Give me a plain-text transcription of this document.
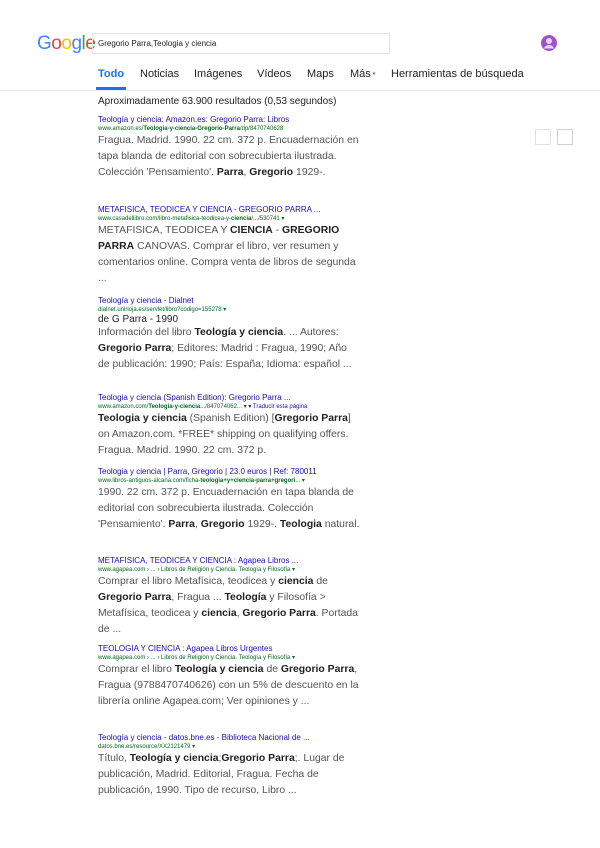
Google Gregorio Parra,Teologia y ciencia
Todo Noticias Imágenes Vídeos Maps Más ▾ Herramientas de búsqueda
Aproximadamente 63.900 resultados (0,53 segundos)
Teología y ciencia: Amazon.es: Gregorio Parra: Libros
www.amazon.es/Teologia-y-ciencia-Gregorio-Parra/dp/8470740628
Fragua. Madrid. 1990. 22 cm. 372 p. Encuadernación en tapa blanda de editorial con sobrecubierta ilustrada. Colección 'Pensamiento'. Parra, Gregorio 1929-.
METAFISICA, TEODICEA Y CIENCIA - GREGORIO PARRA ...
www.casadellibro.com/libro-metafisica-teodicea-y-ciencia/.../530741 ▾
METAFISICA, TEODICEA Y CIENCIA - GREGORIO PARRA CANOVAS. Comprar el libro, ver resumen y comentarios online. Compra venta de libros de segunda ...
Teología y ciencia - Dialnet
dialnet.unirioja.es/servlet/libro?codigo=155278 ▾
de G Parra - 1990
Información del libro Teología y ciencia. ... Autores: Gregorio Parra; Editores: Madrid : Fragua, 1990; Año de publicación: 1990; País: España; Idioma: español ...
Teologia y ciencia (Spanish Edition): Gregorio Parra ...
www.amazon.com/Teologia-y-ciencia.../847074062... ▾ ▾ Traducir esta página
Teologia y ciencia (Spanish Edition) [Gregorio Parra] on Amazon.com. *FREE* shipping on qualifying offers. Fragua. Madrid. 1990. 22 cm. 372 p.
Teologia y ciencia | Parra, Gregorio | 23.0 euros | Ref: 780011
www.libros-antiguos-alcana.com/ficha-teologia+y+ciencia-parra+gregori... ▾
1990. 22 cm. 372 p. Encuadernación en tapa blanda de editorial con sobrecubierta ilustrada. Colección 'Pensamiento'. Parra, Gregorio 1929-. Teologia natural.
METAFISICA, TEODICEA Y CIENCIA : Agapea Libros ...
www.agapea.com › ... › Libros de Religión y Ciencia. Teología y Filosofía ▾
Comprar el libro Metafísica, teodicea y ciencia de Gregorio Parra, Fragua ... Teología y Filosofía > Metafísica, teodicea y ciencia, Gregorio Parra. Portada de ...
TEOLOGIA Y CIENCIA : Agapea Libros Urgentes
www.agapea.com › ... › Libros de Religión y Ciencia. Teología y Filosofía ▾
Comprar el libro Teología y ciencia de Gregorio Parra, Fragua (9788470740626) con un 5% de descuento en la librería online Agapea.com; Ver opiniones y ...
Teología y ciencia - datos.bne.es - Biblioteca Nacional de ...
datos.bne.es/resource/XX2121479 ▾
Título, Teología y ciencia;Gregorio Parra;. Lugar de publicación, Madrid. Editorial, Fragua. Fecha de publicación, 1990. Tipo de recurso, Libro ...
